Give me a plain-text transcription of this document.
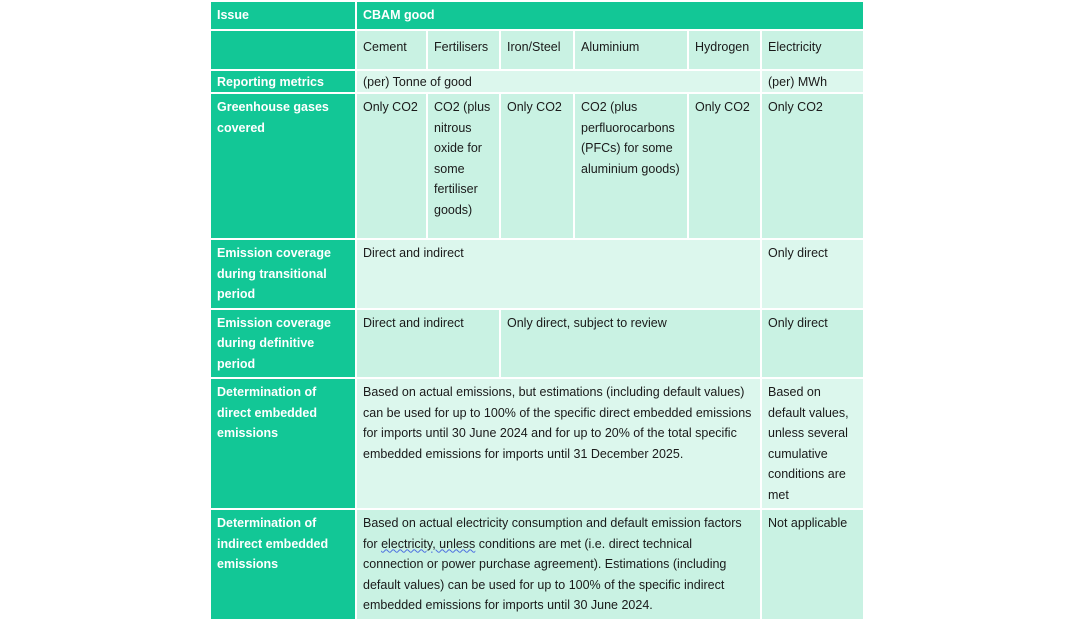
Issue	CBAM good					
	Cement	Fertilisers	Iron/Steel	Aluminium	Hydrogen	Electricity
Reporting metrics	(per) Tonne of good					(per) MWh
Greenhouse gases covered	Only CO2	CO2 (plus nitrous oxide for some fertiliser goods)	Only CO2	CO2 (plus perfluorocarbons (PFCs) for some aluminium goods)	Only CO2	Only CO2
Emission coverage during transitional period	Direct and indirect					Only direct
Emission coverage during definitive period	Direct and indirect		Only direct, subject to review			Only direct
Determination of direct embedded emissions	Based on actual emissions, but estimations (including default values) can be used for up to 100% of the specific direct embedded emissions for imports until 30 June 2024 and for up to 20% of the total specific embedded emissions for imports until 31 December 2025.					Based on default values, unless several cumulative conditions are met
Determination of indirect embedded emissions	Based on actual electricity consumption and default emission factors for electricity, unless conditions are met (i.e. direct technical connection or power purchase agreement). Estimations (including default values) can be used for up to 100% of the specific indirect embedded emissions for imports until 30 June 2024.					Not applicable
